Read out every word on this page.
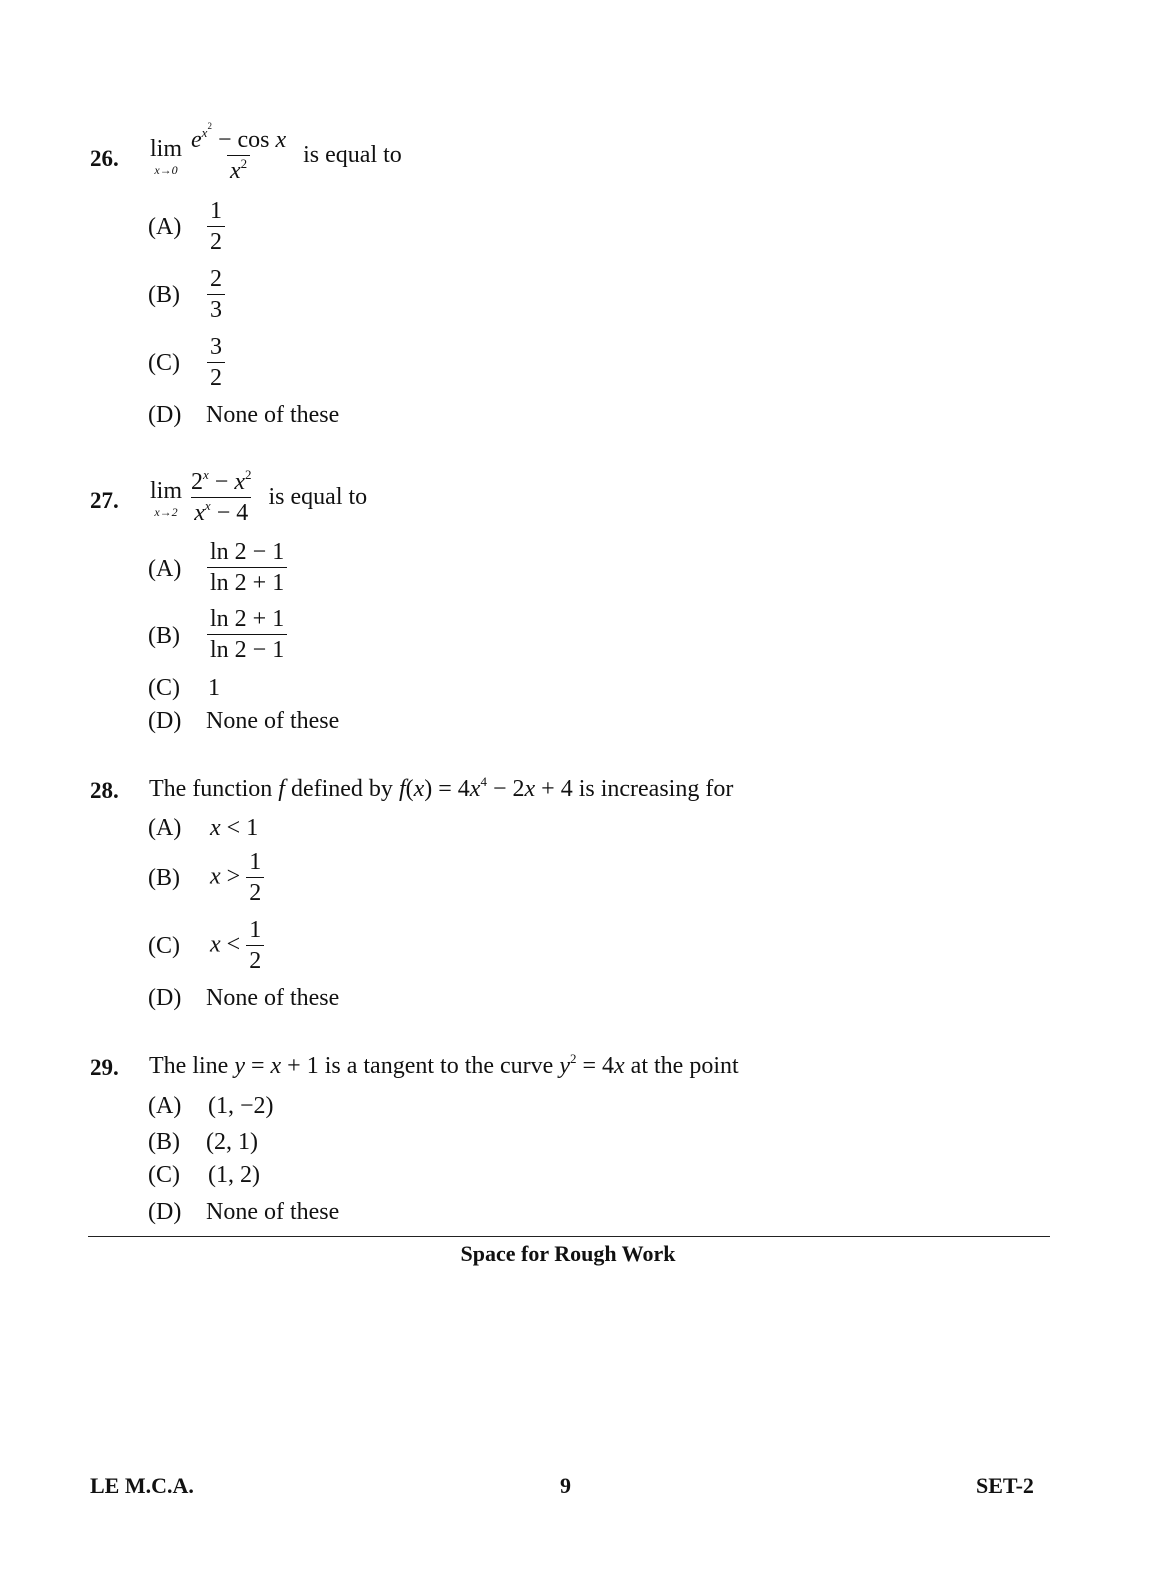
26. lim
x→0
$\frac{e^{x^2} - \cos x}{x^2}$ is equal to
$(A) \frac{1}{2}$
$(B) \frac{2}{3}$
$(C) \frac{3}{2}$
(D) None of these
27. lim
x→2
$\frac{2^x - x^2}{x^x - 4}$ is equal to
$(A) \frac{\ln 2 - 1}{\ln 2 + 1}$
$(B) \frac{\ln 2 + 1}{\ln 2 - 1}$
(C) 1
(D) None of these
28. The function f defined by $f(x) = 4x^4 - 2x + 4$ is increasing for
(A) x < 1
(B) $x > \frac{1}{2}$
(C) $x < \frac{1}{2}$
(D) None of these
29. The line y = x + 1 is a tangent to the curve $y^2 = 4x$ at the point
(A) (1, −2)
(B) (2, 1)
(C) (1, 2)
(D) None of these
Space for Rough Work
LE M.C.A.	9	SET-2
